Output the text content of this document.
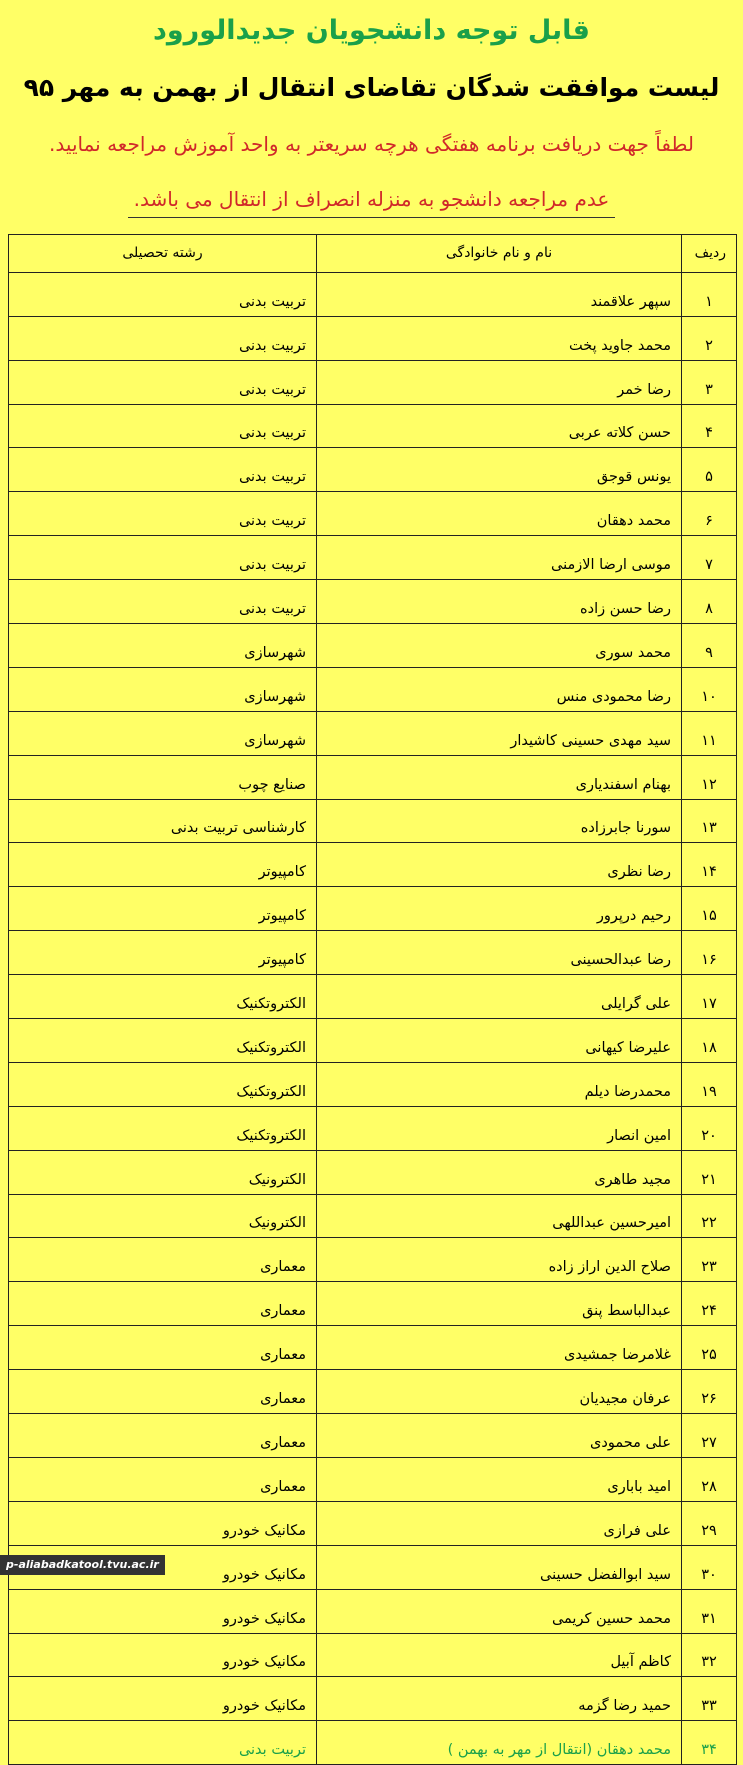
قابل توجه دانشجویان جدیدالورود
لیست موافقت شدگان تقاضای انتقال از بهمن به مهر ۹۵
لطفاً جهت دریافت برنامه هفتگی هرچه سریعتر به واحد آموزش مراجعه نمایید.
عدم مراجعه دانشجو به منزله انصراف از انتقال می باشد.
ردیف	نام و نام خانوادگی	رشته تحصیلی
۱	سپهر علاقمند	تربیت بدنی
۲	محمد جاوید پخت	تربیت بدنی
۳	رضا خمر	تربیت بدنی
۴	حسن کلاته عربی	تربیت بدنی
۵	یونس قوجق	تربیت بدنی
۶	محمد دهقان	تربیت بدنی
۷	موسی ارضا الازمنی	تربیت بدنی
۸	رضا حسن زاده	تربیت بدنی
۹	محمد سوری	شهرسازی
۱۰	رضا محمودی منس	شهرسازی
۱۱	سید مهدی حسینی کاشیدار	شهرسازی
۱۲	بهنام اسفندیاری	صنایع چوب
۱۳	سورنا جابرزاده	کارشناسی تربیت بدنی
۱۴	رضا نظری	کامپیوتر
۱۵	رحیم درپرور	کامپیوتر
۱۶	رضا عبدالحسینی	کامپیوتر
۱۷	علی گرایلی	الکتروتکنیک
۱۸	علیرضا کیهانی	الکتروتکنیک
۱۹	محمدرضا دیلم	الکتروتکنیک
۲۰	امین انصار	الکتروتکنیک
۲۱	مجید طاهری	الکترونیک
۲۲	امیرحسین عبداللهی	الکترونیک
۲۳	صلاح الدین اراز زاده	معماری
۲۴	عبدالباسط پنق	معماری
۲۵	غلامرضا جمشیدی	معماری
۲۶	عرفان مجیدیان	معماری
۲۷	علی محمودی	معماری
۲۸	امید باباری	معماری
۲۹	علی فرازی	مکانیک خودرو
۳۰	سید ابوالفضل حسینی	مکانیک خودرو
۳۱	محمد حسین کریمی	مکانیک خودرو
۳۲	کاظم آبیل	مکانیک خودرو
۳۳	حمید رضا گزمه	مکانیک خودرو
۳۴	محمد دهقان (انتقال از مهر به بهمن )	تربیت بدنی
p-aliabadkatool.tvu.ac.ir
